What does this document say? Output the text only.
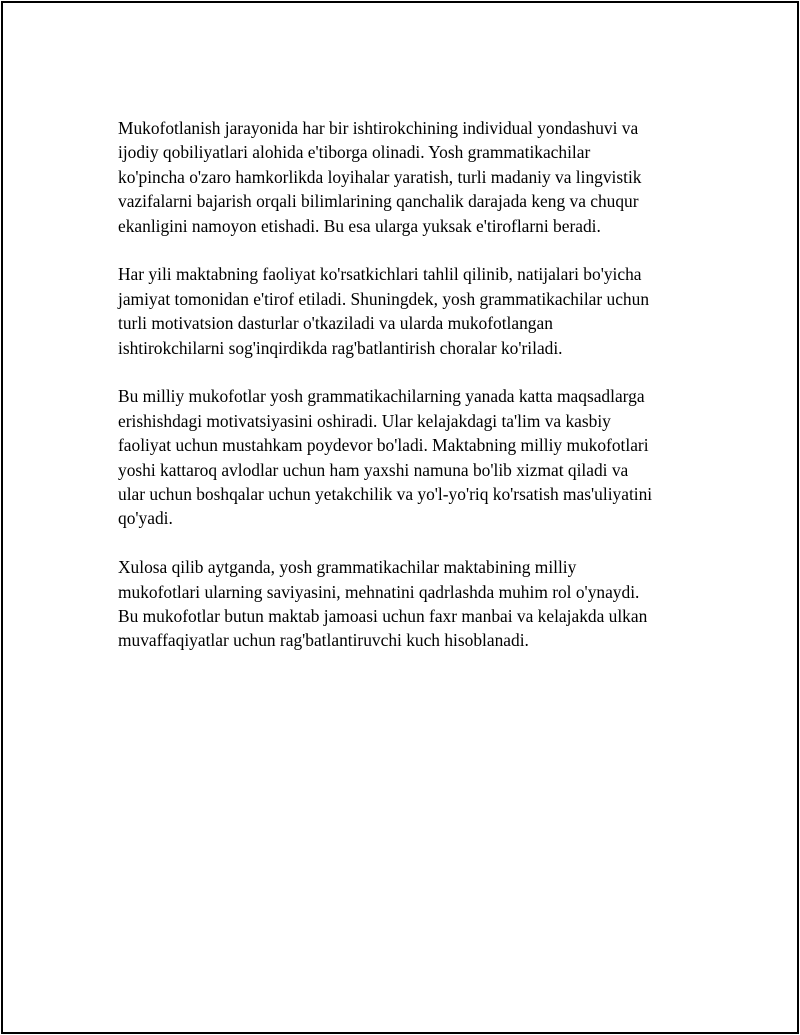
Mukofotlanish jarayonida har bir ishtirokchining individual yondashuvi va
ijodiy qobiliyatlari alohida e'tiborga olinadi. Yosh grammatikachilar
ko'pincha o'zaro hamkorlikda loyihalar yaratish, turli madaniy va lingvistik
vazifalarni bajarish orqali bilimlarining qanchalik darajada keng va chuqur
ekanligini namoyon etishadi. Bu esa ularga yuksak e'tiroflarni beradi.

Har yili maktabning faoliyat ko'rsatkichlari tahlil qilinib, natijalari bo'yicha
jamiyat tomonidan e'tirof etiladi. Shuningdek, yosh grammatikachilar uchun
turli motivatsion dasturlar o'tkaziladi va ularda mukofotlangan
ishtirokchilarni sog'inqirdikda rag'batlantirish choralar ko'riladi.

Bu milliy mukofotlar yosh grammatikachilarning yanada katta maqsadlarga
erishishdagi motivatsiyasini oshiradi. Ular kelajakdagi ta'lim va kasbiy
faoliyat uchun mustahkam poydevor bo'ladi. Maktabning milliy mukofotlari
yoshi kattaroq avlodlar uchun ham yaxshi namuna bo'lib xizmat qiladi va
ular uchun boshqalar uchun yetakchilik va yo'l-yo'riq ko'rsatish mas'uliyatini
qo'yadi.

Xulosa qilib aytganda, yosh grammatikachilar maktabining milliy
mukofotlari ularning saviyasini, mehnatini qadrlashda muhim rol o'ynaydi.
Bu mukofotlar butun maktab jamoasi uchun faxr manbai va kelajakda ulkan
muvaffaqiyatlar uchun rag'batlantiruvchi kuch hisoblanadi.
